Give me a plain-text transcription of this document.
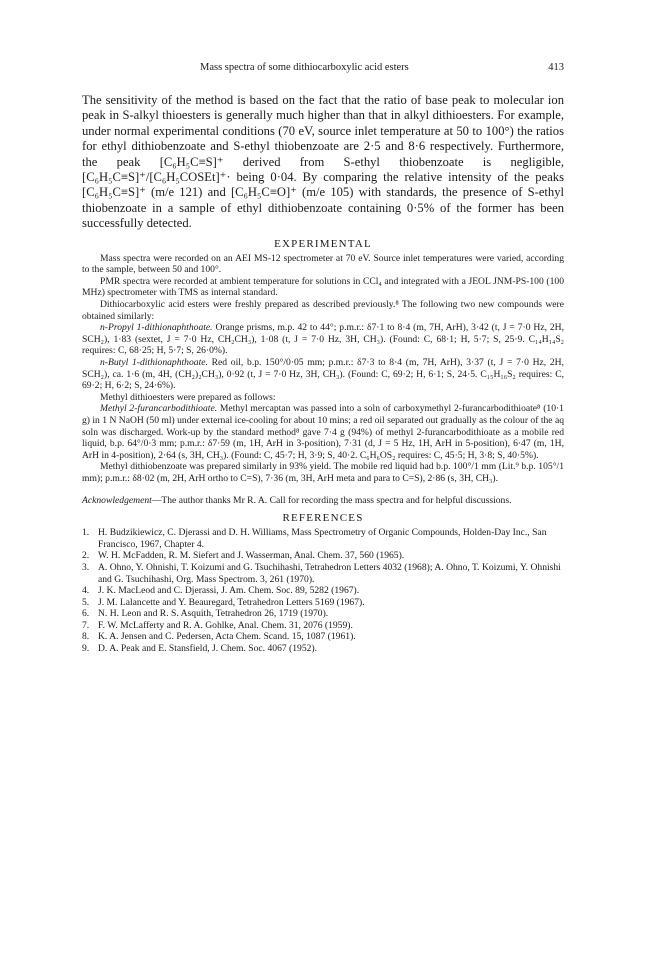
Mass spectra of some dithiocarboxylic acid esters	413

The sensitivity of the method is based on the fact that the ratio of base peak to molecular ion peak in S-alkyl thioesters is generally much higher than that in alkyl dithioesters. For example, under normal experimental conditions (70 eV, source inlet temperature at 50 to 100°) the ratios for ethyl dithiobenzoate and S-ethyl thiobenzoate are 2·5 and 8·6 respectively. Furthermore, the peak [C₆H₅C≡S]⁺ derived from S-ethyl thiobenzoate is negligible, [C₆H₅C≡S]⁺/[C₆H₅COSEt]⁺· being 0·04. By comparing the relative intensity of the peaks [C₆H₅C≡S]⁺ (m/e 121) and [C₆H₅C≡O]⁺ (m/e 105) with standards, the presence of S-ethyl thiobenzoate in a sample of ethyl dithiobenzoate containing 0·5% of the former has been successfully detected.

EXPERIMENTAL

Mass spectra were recorded on an AEI MS-12 spectrometer at 70 eV. Source inlet temperatures were varied, according to the sample, between 50 and 100°.

PMR spectra were recorded at ambient temperature for solutions in CCl₄ and integrated with a JEOL JNM-PS-100 (100 MHz) spectrometer with TMS as internal standard.

Dithiocarboxylic acid esters were freshly prepared as described previously.⁸ The following two new compounds were obtained similarly:

n-Propyl 1-dithionaphthoate. Orange prisms, m.p. 42 to 44°; p.m.r.: δ7·1 to 8·4 (m, 7H, ArH), 3·42 (t, J = 7·0 Hz, 2H, SCH₂), 1·83 (sextet, J = 7·0 Hz, CH₂CH₃), 1·08 (t, J = 7·0 Hz, 3H, CH₃). (Found: C, 68·1; H, 5·7; S, 25·9. C₁₄H₁₄S₂ requires: C, 68·25; H, 5·7; S, 26·0%).

n-Butyl 1-dithionaphthoate. Red oil, b.p. 150°/0·05 mm; p.m.r.: δ7·3 to 8·4 (m, 7H, ArH), 3·37 (t, J = 7·0 Hz, 2H, SCH₂), ca. 1·6 (m, 4H, (CH₂)₂CH₃), 0·92 (t, J = 7·0 Hz, 3H, CH₃). (Found: C, 69·2; H, 6·1; S, 24·5. C₁₅H₁₆S₂ requires: C, 69·2; H, 6·2; S, 24·6%).

Methyl dithioesters were prepared as follows:

Methyl 2-furancarbodithioate. Methyl mercaptan was passed into a soln of carboxymethyl 2-furancarbodithioate⁸ (10·1 g) in 1 N NaOH (50 ml) under external ice-cooling for about 10 mins; a red oil separated out gradually as the colour of the aq soln was discharged. Work-up by the standard method⁸ gave 7·4 g (94%) of methyl 2-furancarbodithioate as a mobile red liquid, b.p. 64°/0·3 mm; p.m.r.: δ7·59 (m, 1H, ArH in 3-position), 7·31 (d, J = 5 Hz, 1H, ArH in 5-position), 6·47 (m, 1H, ArH in 4-position), 2·64 (s, 3H, CH₃). (Found: C, 45·7; H, 3·9; S, 40·2. C₆H₆OS₂ requires: C, 45·5; H, 3·8; S, 40·5%).

Methyl dithiobenzoate was prepared similarly in 93% yield. The mobile red liquid had b.p. 100°/1 mm (Lit.⁹ b.p. 105°/1 mm); p.m.r.: δ8·02 (m, 2H, ArH ortho to C=S), 7·36 (m, 3H, ArH meta and para to C=S), 2·86 (s, 3H, CH₃).

Acknowledgement—The author thanks Mr R. A. Call for recording the mass spectra and for helpful discussions.

REFERENCES
1. H. Budzikiewicz, C. Djerassi and D. H. Williams, Mass Spectrometry of Organic Compounds, Holden-Day Inc., San Francisco, 1967, Chapter 4.
2. W. H. McFadden, R. M. Siefert and J. Wasserman, Anal. Chem. 37, 560 (1965).
3. A. Ohno, Y. Ohnishi, T. Koizumi and G. Tsuchihashi, Tetrahedron Letters 4032 (1968); A. Ohno, T. Koizumi, Y. Ohnishi and G. Tsuchihashi, Org. Mass Spectrom. 3, 261 (1970).
4. J. K. MacLeod and C. Djerassi, J. Am. Chem. Soc. 89, 5282 (1967).
5. J. M. Lalancette and Y. Beauregard, Tetrahedron Letters 5169 (1967).
6. N. H. Leon and R. S. Asquith, Tetrahedron 26, 1719 (1970).
7. F. W. McLafferty and R. A. Gohlke, Anal. Chem. 31, 2076 (1959).
8. K. A. Jensen and C. Pedersen, Acta Chem. Scand. 15, 1087 (1961).
9. D. A. Peak and E. Stansfield, J. Chem. Soc. 4067 (1952).
